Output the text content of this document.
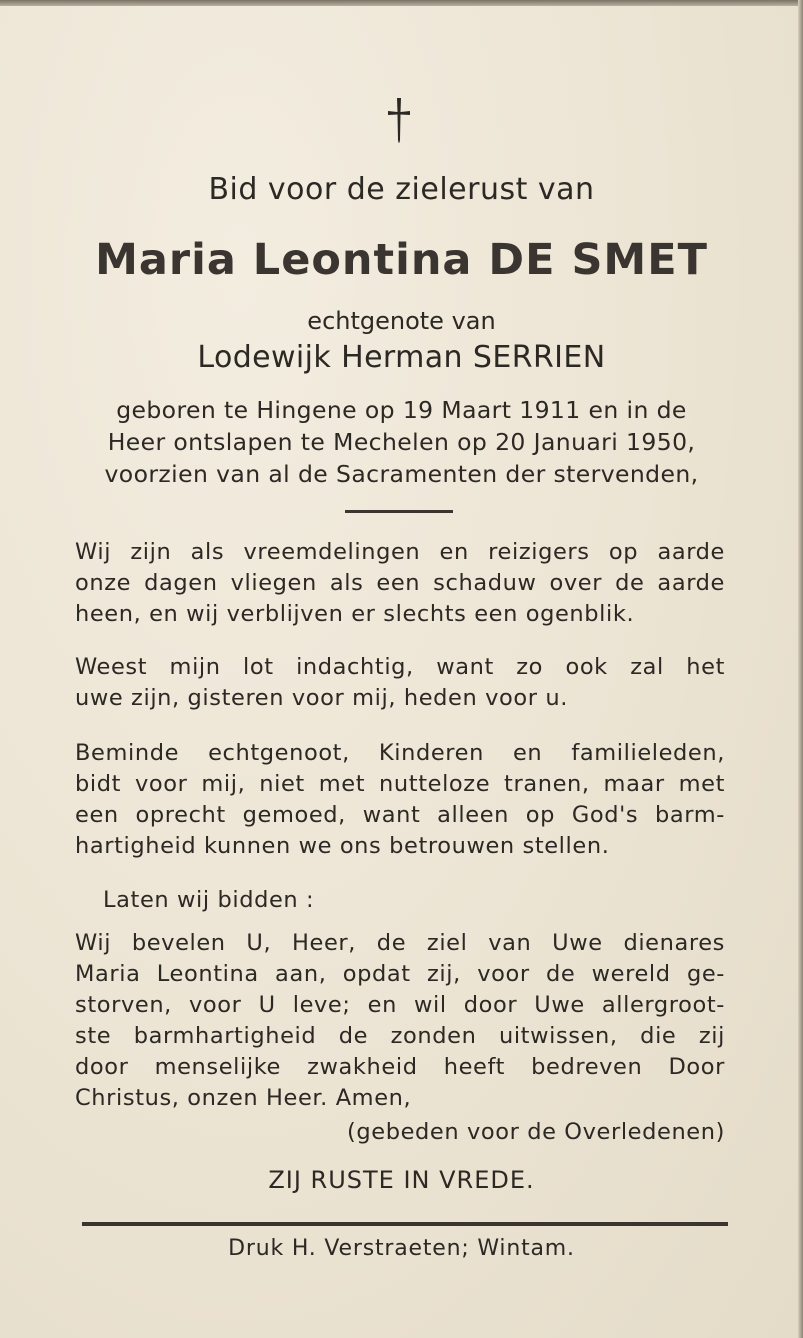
Bid voor de zielerust van
Maria Leontina DE SMET
echtgenote van
Lodewijk Herman SERRIEN
geboren te Hingene op 19 Maart 1911 en in de
Heer ontslapen te Mechelen op 20 Januari 1950,
voorzien van al de Sacramenten der stervenden,
Wij zijn als vreemdelingen en reizigers op aarde
onze dagen vliegen als een schaduw over de aarde
heen, en wij verblijven er slechts een ogenblik.
Weest mijn lot indachtig, want zo ook zal het
uwe zijn, gisteren voor mij, heden voor u.
Beminde echtgenoot, Kinderen en familieleden,
bidt voor mij, niet met nutteloze tranen, maar met
een oprecht gemoed, want alleen op God's barm-
hartigheid kunnen we ons betrouwen stellen.
Laten wij bidden :
Wij bevelen U, Heer, de ziel van Uwe dienares
Maria Leontina aan, opdat zij, voor de wereld ge-
storven, voor U leve; en wil door Uwe allergroot-
ste barmhartigheid de zonden uitwissen, die zij
door menselijke zwakheid heeft bedreven Door
Christus, onzen Heer. Amen,
(gebeden voor de Overledenen)
ZIJ RUSTE IN VREDE.
Druk H. Verstraeten; Wintam.
